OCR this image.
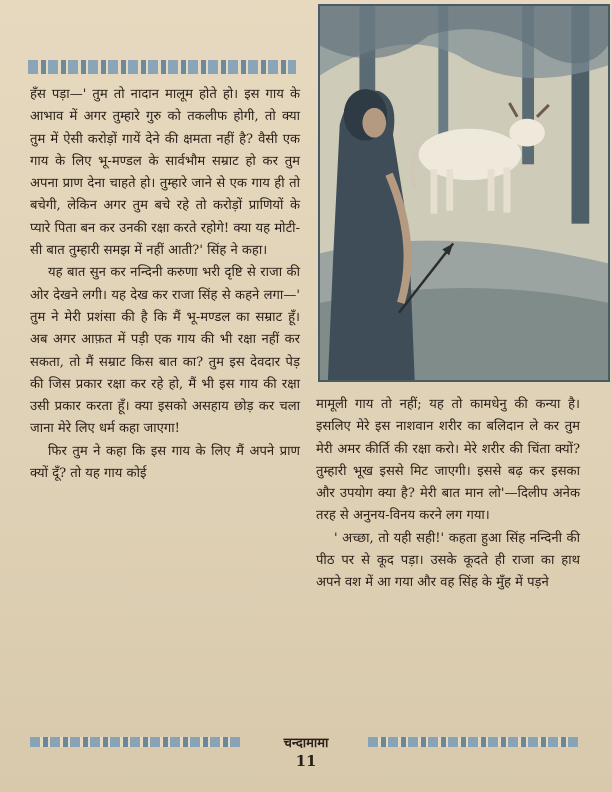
हँस पड़ा—' तुम तो नादान मालूम होते हो। इस गाय के आभाव में अगर तुम्हारे गुरु को तकलीफ होगी, तो क्या तुम में ऐसी करोड़ों गायें देने की क्षमता नहीं है? वैसी एक गाय के लिए भू-मण्डल के सार्वभौम सम्राट हो कर तुम अपना प्राण देना चाहते हो। तुम्हारे जाने से एक गाय ही तो बचेगी, लेकिन अगर तुम बचे रहे तो करोड़ों प्राणियों के प्यारे पिता बन कर उनकी रक्षा करते रहोगे! क्या यह मोटी-सी बात तुम्हारी समझ में नहीं आती?' सिंह ने कहा।

यह बात सुन कर नन्दिनी करुणा भरी दृष्टि से राजा की ओर देखने लगी। यह देख कर राजा सिंह से कहने लगा—' तुम ने मेरी प्रशंसा की है कि मैं भू-मण्डल का सम्राट हूँ। अब अगर आफ़त में पड़ी एक गाय की भी रक्षा नहीं कर सकता, तो मैं सम्राट किस बात का? तुम इस देवदार पेड़ की जिस प्रकार रक्षा कर रहे हो, मैं भी इस गाय की रक्षा उसी प्रकार करता हूँ। क्या इसको असहाय छोड़ कर चला जाना मेरे लिए धर्म कहा जाएगा!

फिर तुम ने कहा कि इस गाय के लिए मैं अपने प्राण क्यों दूँ? तो यह गाय कोई

मामूली गाय तो नहीं; यह तो कामधेनु की कन्या है। इसलिए मेरे इस नाशवान शरीर का बलिदान ले कर तुम मेरी अमर कीर्ति की रक्षा करो। मेरे शरीर की चिंता क्यों? तुम्हारी भूख इससे मिट जाएगी। इससे बढ़ कर इसका और उपयोग क्या है? मेरी बात मान लो'—दिलीप अनेक तरह से अनुनय-विनय करने लग गया।

' अच्छा, तो यही सही!' कहता हुआ सिंह नन्दिनी की पीठ पर से कूद पड़ा। उसके कूदते ही राजा का हाथ अपने वश में आ गया और वह सिंह के मुँह में पड़ने

चन्दामामा
11
